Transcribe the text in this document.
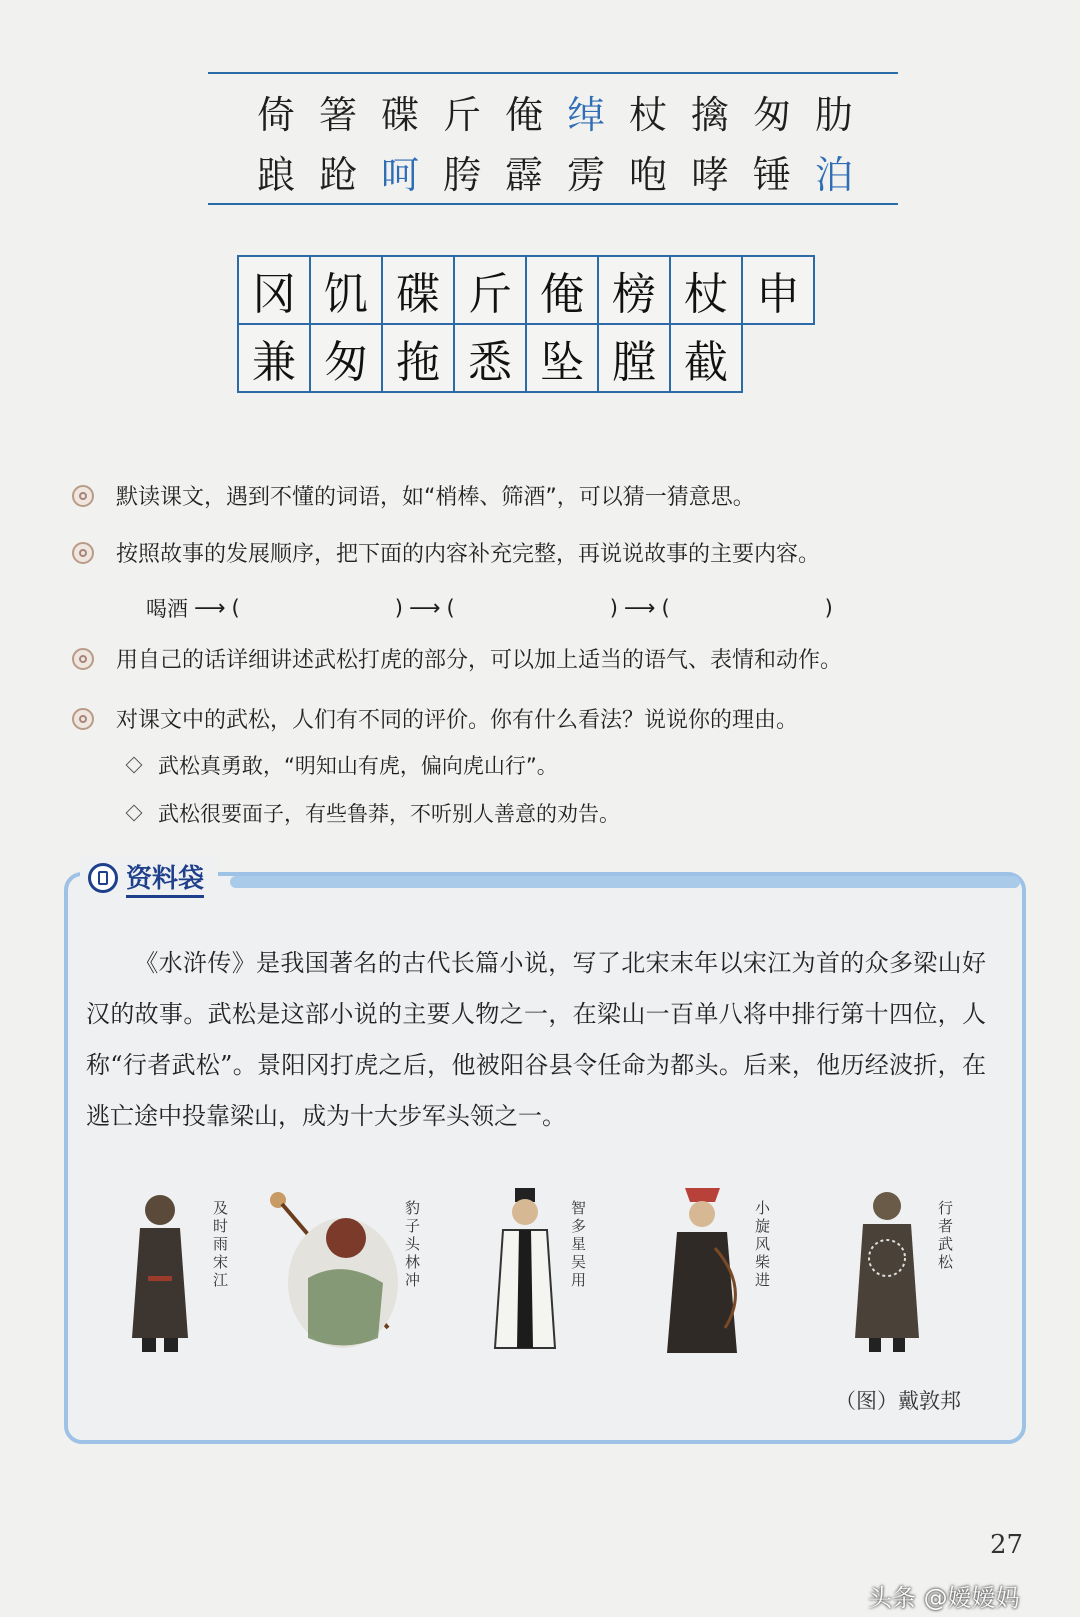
倚 箸 碟 斤 俺 绰 杖 擒 匆 肋
踉 跄 呵 胯 霹 雳 咆 哮 锤 泊
冈 饥 碟 斤 俺 榜 杖 申
兼 匆 拖 悉 坠 膛 截
默读课文，遇到不懂的词语，如“梢棒、筛酒”，可以猜一猜意思。
按照故事的发展顺序，把下面的内容补充完整，再说说故事的主要内容。
喝酒 ⟶ (	) ⟶ (	) ⟶ (	)
用自己的话详细讲述武松打虎的部分，可以加上适当的语气、表情和动作。
对课文中的武松，人们有不同的评价。你有什么看法？说说你的理由。
武松真勇敢，“明知山有虎，偏向虎山行”。
武松很要面子，有些鲁莽，不听别人善意的劝告。
资料袋
《水浒传》是我国著名的古代长篇小说，写了北宋末年以宋江为首的众多梁山好汉的故事。武松是这部小说的主要人物之一，在梁山一百单八将中排行第十四位，人称“行者武松”。景阳冈打虎之后，他被阳谷县令任命为都头。后来，他历经波折，在逃亡途中投靠梁山，成为十大步军头领之一。
及时雨宋江	豹子头林冲	智多星吴用	小旋风柴进	行者武松
（图）戴敦邦
27
头条 @嫒嫒妈
